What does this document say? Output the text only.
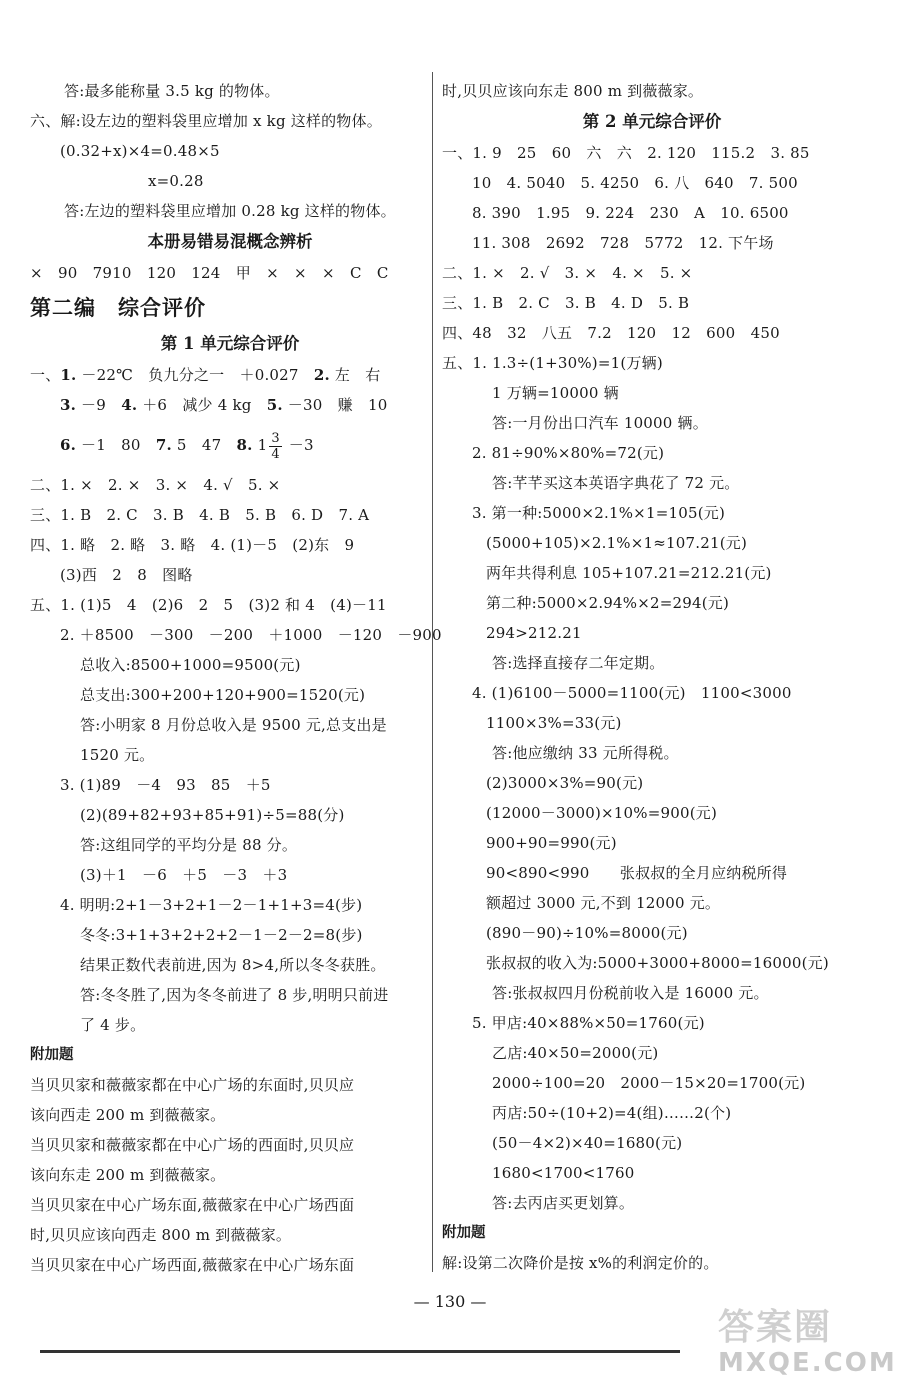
答:最多能称量 3.5 kg 的物体。
六、解:设左边的塑料袋里应增加 x kg 这样的物体。
(0.32+x)×4=0.48×5
x=0.28
答:左边的塑料袋里应增加 0.28 kg 这样的物体。
本册易错易混概念辨析
×　90　7910　120　124　甲　×　×　×　C　C
第二编 综合评价
第 1 单元综合评价
一、1. －22℃　负九分之一　＋0.027　2. 左　右
3. －9　4. ＋6　减少 4 kg　5. －30　赚　10
6. －1　80　7. 5　47　8. $1 \frac{3}{4} -3$
二、1. ×　2. ×　3. ×　4. √　5. ×
三、1. B　2. C　3. B　4. B　5. B　6. D　7. A
四、1. 略　2. 略　3. 略　4. (1)－5　(2)东　9
(3)西　2　8　图略
五、1. (1)5　4　(2)6　2　5　(3)2 和 4　(4)－11
2. ＋8500　－300　－200　＋1000　－120　－900
总收入:8500+1000=9500(元)
总支出:300+200+120+900=1520(元)
答:小明家 8 月份总收入是 9500 元,总支出是
1520 元。
3. (1)89　－4　93　85　＋5
(2)(89+82+93+85+91)÷5=88(分)
答:这组同学的平均分是 88 分。
(3)＋1　－6　＋5　－3　＋3
4. 明明:2+1－3+2+1－2－1+1+3=4(步)
冬冬:3+1+3+2+2+2－1－2－2=8(步)
结果正数代表前进,因为 8>4,所以冬冬获胜。
答:冬冬胜了,因为冬冬前进了 8 步,明明只前进
了 4 步。
附加题
当贝贝家和薇薇家都在中心广场的东面时,贝贝应
该向西走 200 m 到薇薇家。
当贝贝家和薇薇家都在中心广场的西面时,贝贝应
该向东走 200 m 到薇薇家。
当贝贝家在中心广场东面,薇薇家在中心广场西面
时,贝贝应该向西走 800 m 到薇薇家。
当贝贝家在中心广场西面,薇薇家在中心广场东面
时,贝贝应该向东走 800 m 到薇薇家。
第 2 单元综合评价
一、1. 9　25　60　六　六　2. 120　115.2　3. 85
10　4. 5040　5. 4250　6. 八　640　7. 500
8. 390　1.95　9. 224　230　A　10. 6500
11. 308　2692　728　5772　12. 下午场
二、1. ×　2. √　3. ×　4. ×　5. ×
三、1. B　2. C　3. B　4. D　5. B
四、48　32　八五　7.2　120　12　600　450
五、1. 1.3÷(1+30%)=1(万辆)
1 万辆=10000 辆
答:一月份出口汽车 10000 辆。
2. 81÷90%×80%=72(元)
答:芊芊买这本英语字典花了 72 元。
3. 第一种:5000×2.1%×1=105(元)
(5000+105)×2.1%×1≈107.21(元)
两年共得利息 105+107.21=212.21(元)
第二种:5000×2.94%×2=294(元)
294>212.21
答:选择直接存二年定期。
4. (1)6100－5000=1100(元)　1100<3000
1100×3%=33(元)
答:他应缴纳 33 元所得税。
(2)3000×3%=90(元)
(12000－3000)×10%=900(元)
900+90=990(元)
90<890<990　　张叔叔的全月应纳税所得
额超过 3000 元,不到 12000 元。
(890－90)÷10%=8000(元)
张叔叔的收入为:5000+3000+8000=16000(元)
答:张叔叔四月份税前收入是 16000 元。
5. 甲店:40×88%×50=1760(元)
乙店:40×50=2000(元)
2000÷100=20　2000－15×20=1700(元)
丙店:50÷(10+2)=4(组)……2(个)
(50－4×2)×40=1680(元)
1680<1700<1760
答:去丙店买更划算。
附加题
解:设第二次降价是按 x%的利润定价的。
— 130 —
答案圈
MXQE.COM
